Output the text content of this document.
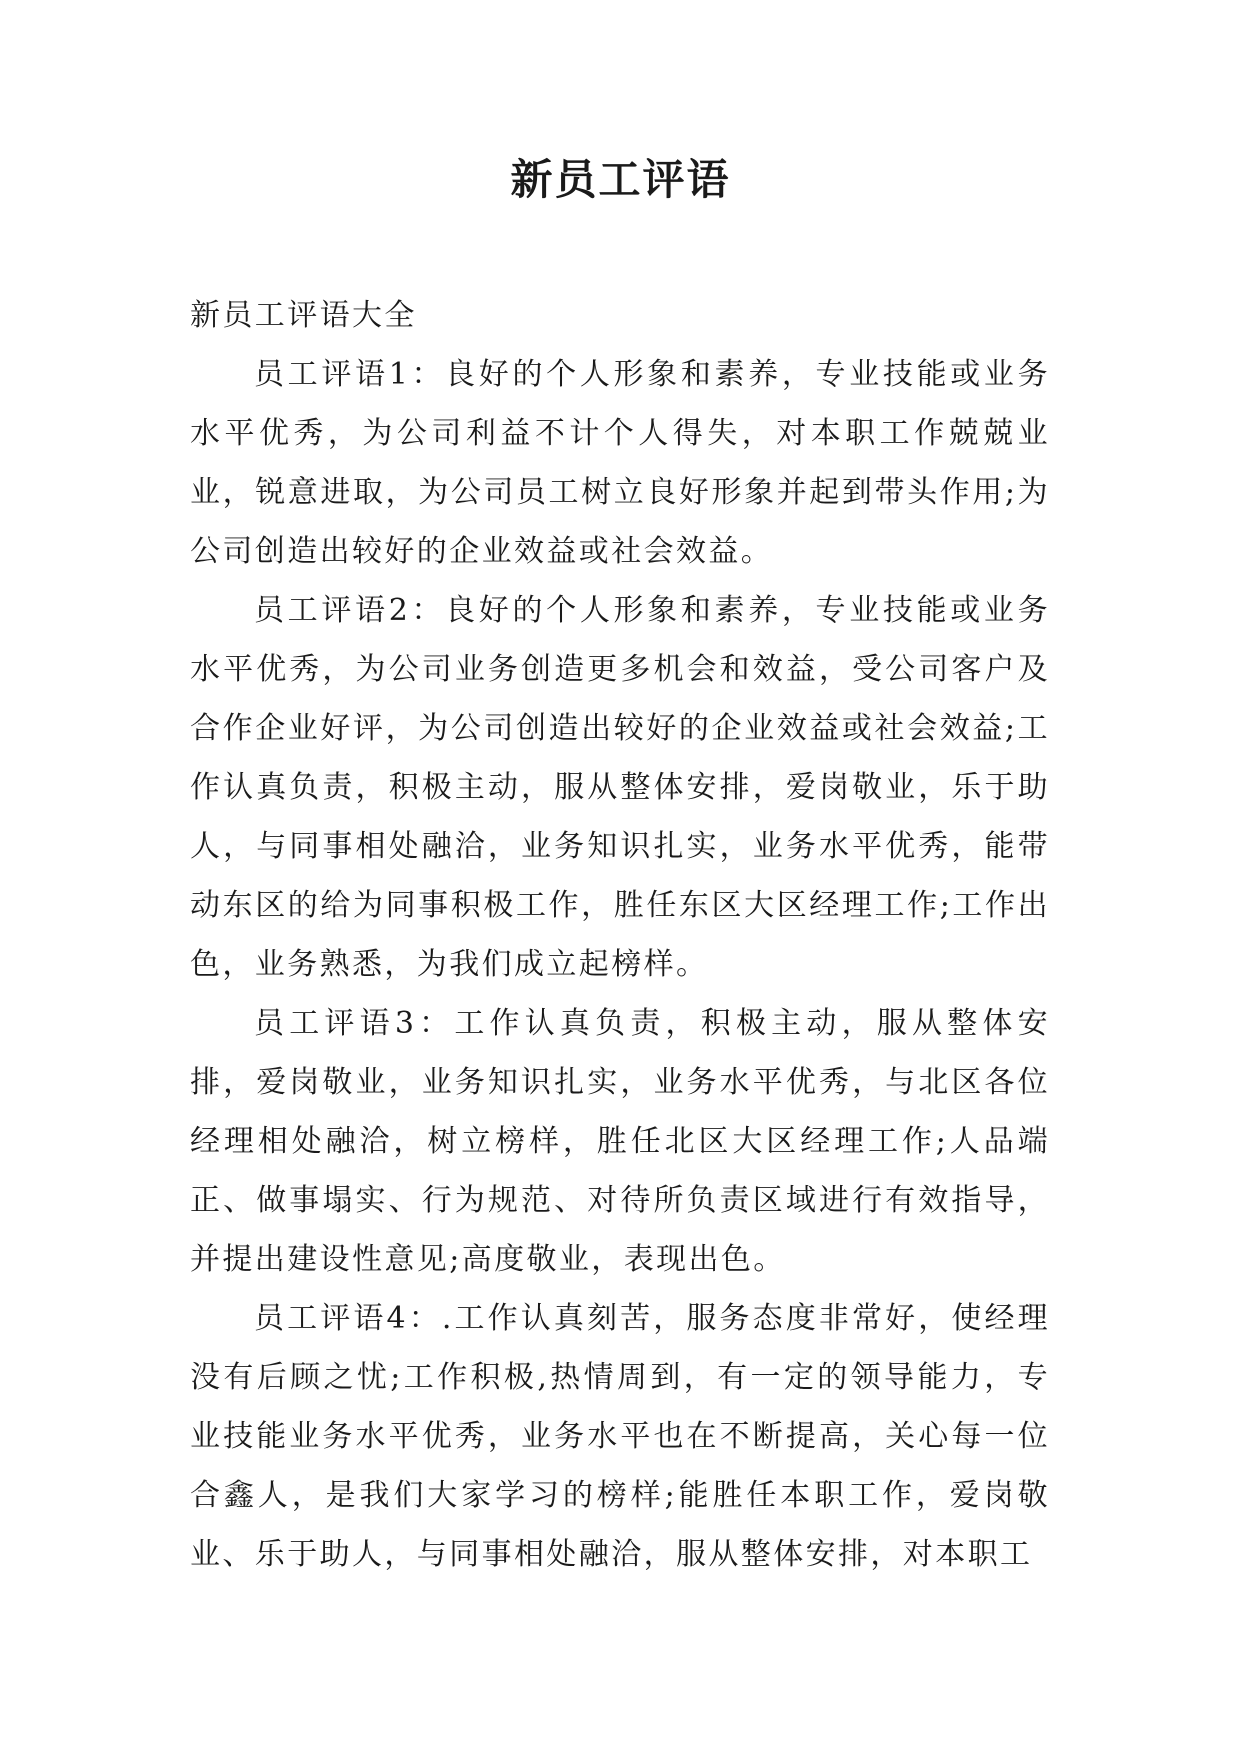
新员工评语

新员工评语大全

员工评语1：良好的个人形象和素养，专业技能或业务水平优秀，为公司利益不计个人得失，对本职工作兢兢业业，锐意进取，为公司员工树立良好形象并起到带头作用;为公司创造出较好的企业效益或社会效益。

员工评语2：良好的个人形象和素养，专业技能或业务水平优秀，为公司业务创造更多机会和效益，受公司客户及合作企业好评，为公司创造出较好的企业效益或社会效益;工作认真负责，积极主动，服从整体安排，爱岗敬业，乐于助人，与同事相处融洽，业务知识扎实，业务水平优秀，能带动东区的给为同事积极工作，胜任东区大区经理工作;工作出色，业务熟悉，为我们成立起榜样。

员工评语3：工作认真负责，积极主动，服从整体安排，爱岗敬业，业务知识扎实，业务水平优秀，与北区各位经理相处融洽，树立榜样，胜任北区大区经理工作;人品端正、做事塌实、行为规范、对待所负责区域进行有效指导，并提出建设性意见;高度敬业，表现出色。

员工评语4：.工作认真刻苦，服务态度非常好，使经理没有后顾之忧;工作积极,热情周到，有一定的领导能力，专业技能业务水平优秀，业务水平也在不断提高，关心每一位合鑫人，是我们大家学习的榜样;能胜任本职工作，爱岗敬业、乐于助人，与同事相处融洽，服从整体安排，对本职工
